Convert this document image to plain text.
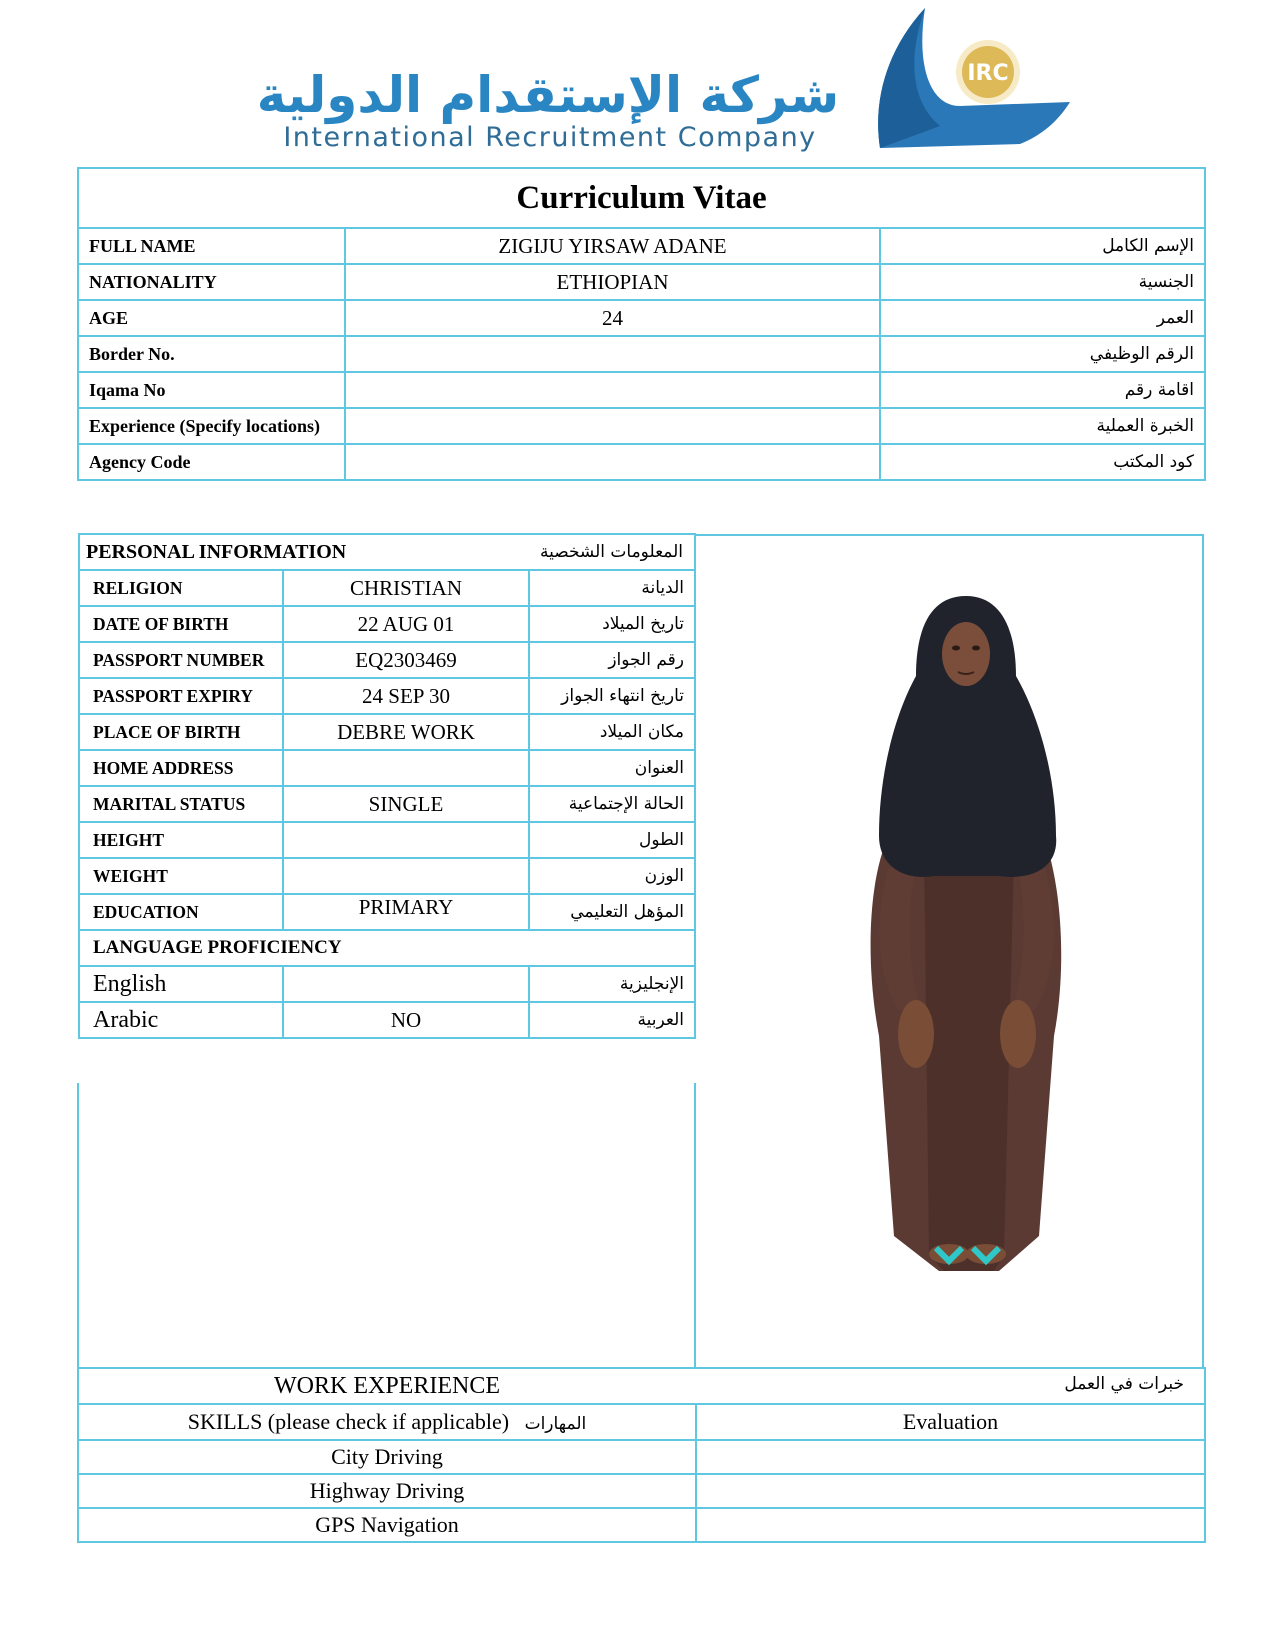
شركة الإستقدام الدولية
International Recruitment Company
IRC
Curriculum Vitae		
FULL NAME	ZIGIJU YIRSAW ADANE	الإسم الكامل
NATIONALITY	ETHIOPIAN	الجنسية
AGE	24	العمر
Border No.		الرقم الوظيفي
Iqama No		اقامة رقم
Experience (Specify locations)		الخبرة العملية
Agency Code		كود المكتب
PERSONAL INFORMATION		المعلومات الشخصية
RELIGION	CHRISTIAN	الديانة
DATE OF BIRTH	22 AUG 01	تاريخ الميلاد
PASSPORT NUMBER	EQ2303469	رقم الجواز
PASSPORT EXPIRY	24 SEP 30	تاريخ انتهاء الجواز
PLACE OF BIRTH	DEBRE WORK	مكان الميلاد
HOME ADDRESS		العنوان
MARITAL STATUS	SINGLE	الحالة الإجتماعية
HEIGHT		الطول
WEIGHT		الوزن
EDUCATION	PRIMARY	المؤهل التعليمي
LANGUAGE PROFICIENCY		
English		الإنجليزية
Arabic	NO	العربية
WORK EXPERIENCE خبرات في العمل	

SKILLS (please check if applicable) المهارات	Evaluation
City Driving	
Highway Driving	
GPS Navigation	
